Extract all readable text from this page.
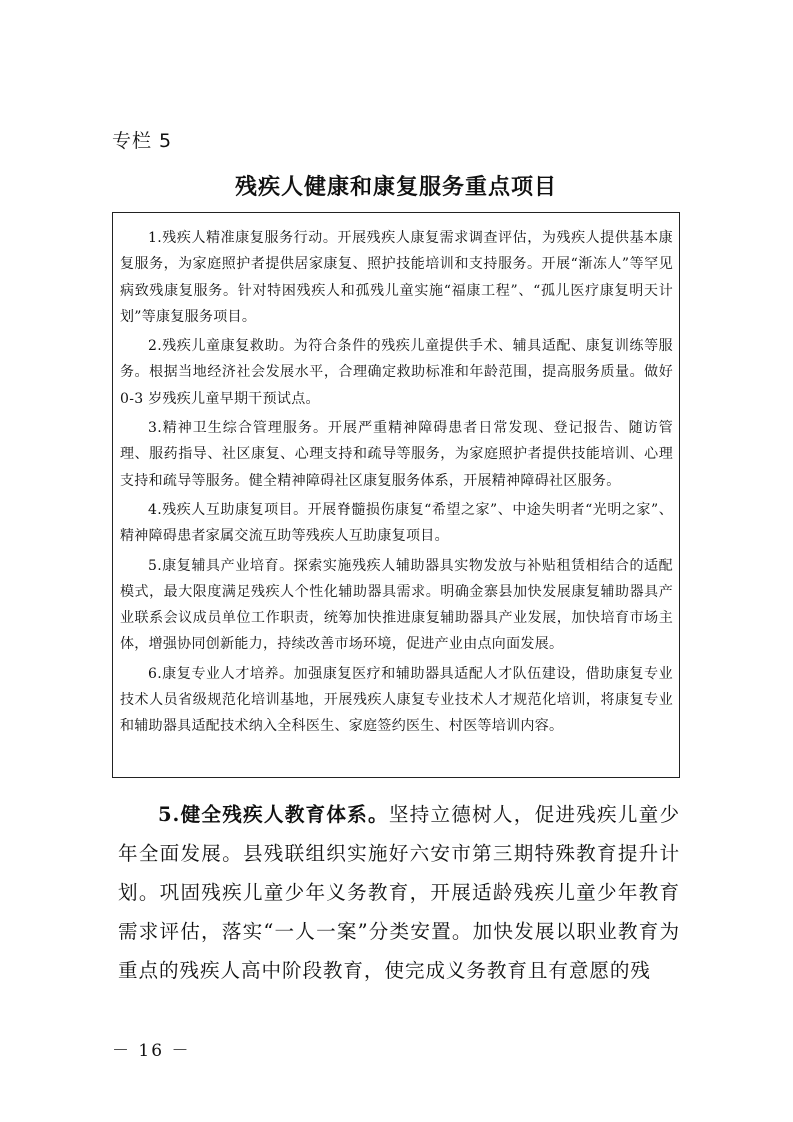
专栏 5
残疾人健康和康复服务重点项目

1.残疾人精准康复服务行动。开展残疾人康复需求调查评估，为残疾人提供基本康复服务，为家庭照护者提供居家康复、照护技能培训和支持服务。开展“渐冻人”等罕见病致残康复服务。针对特困残疾人和孤残儿童实施“福康工程”、“孤儿医疗康复明天计划”等康复服务项目。

2.残疾儿童康复救助。为符合条件的残疾儿童提供手术、辅具适配、康复训练等服务。根据当地经济社会发展水平，合理确定救助标准和年龄范围，提高服务质量。做好 0-3 岁残疾儿童早期干预试点。

3.精神卫生综合管理服务。开展严重精神障碍患者日常发现、登记报告、随访管理、服药指导、社区康复、心理支持和疏导等服务，为家庭照护者提供技能培训、心理支持和疏导等服务。健全精神障碍社区康复服务体系，开展精神障碍社区服务。

4.残疾人互助康复项目。开展脊髓损伤康复“希望之家”、中途失明者“光明之家”、精神障碍患者家属交流互助等残疾人互助康复项目。

5.康复辅具产业培育。探索实施残疾人辅助器具实物发放与补贴租赁相结合的适配模式，最大限度满足残疾人个性化辅助器具需求。明确金寨县加快发展康复辅助器具产业联系会议成员单位工作职责，统筹加快推进康复辅助器具产业发展，加快培育市场主体，增强协同创新能力，持续改善市场环境，促进产业由点向面发展。

6.康复专业人才培养。加强康复医疗和辅助器具适配人才队伍建设，借助康复专业技术人员省级规范化培训基地，开展残疾人康复专业技术人才规范化培训，将康复专业和辅助器具适配技术纳入全科医生、家庭签约医生、村医等培训内容。

5.健全残疾人教育体系。坚持立德树人，促进残疾儿童少年全面发展。县残联组织实施好六安市第三期特殊教育提升计划。巩固残疾儿童少年义务教育，开展适龄残疾儿童少年教育需求评估，落实“一人一案”分类安置。加快发展以职业教育为重点的残疾人高中阶段教育，使完成义务教育且有意愿的残

－ 16 －
